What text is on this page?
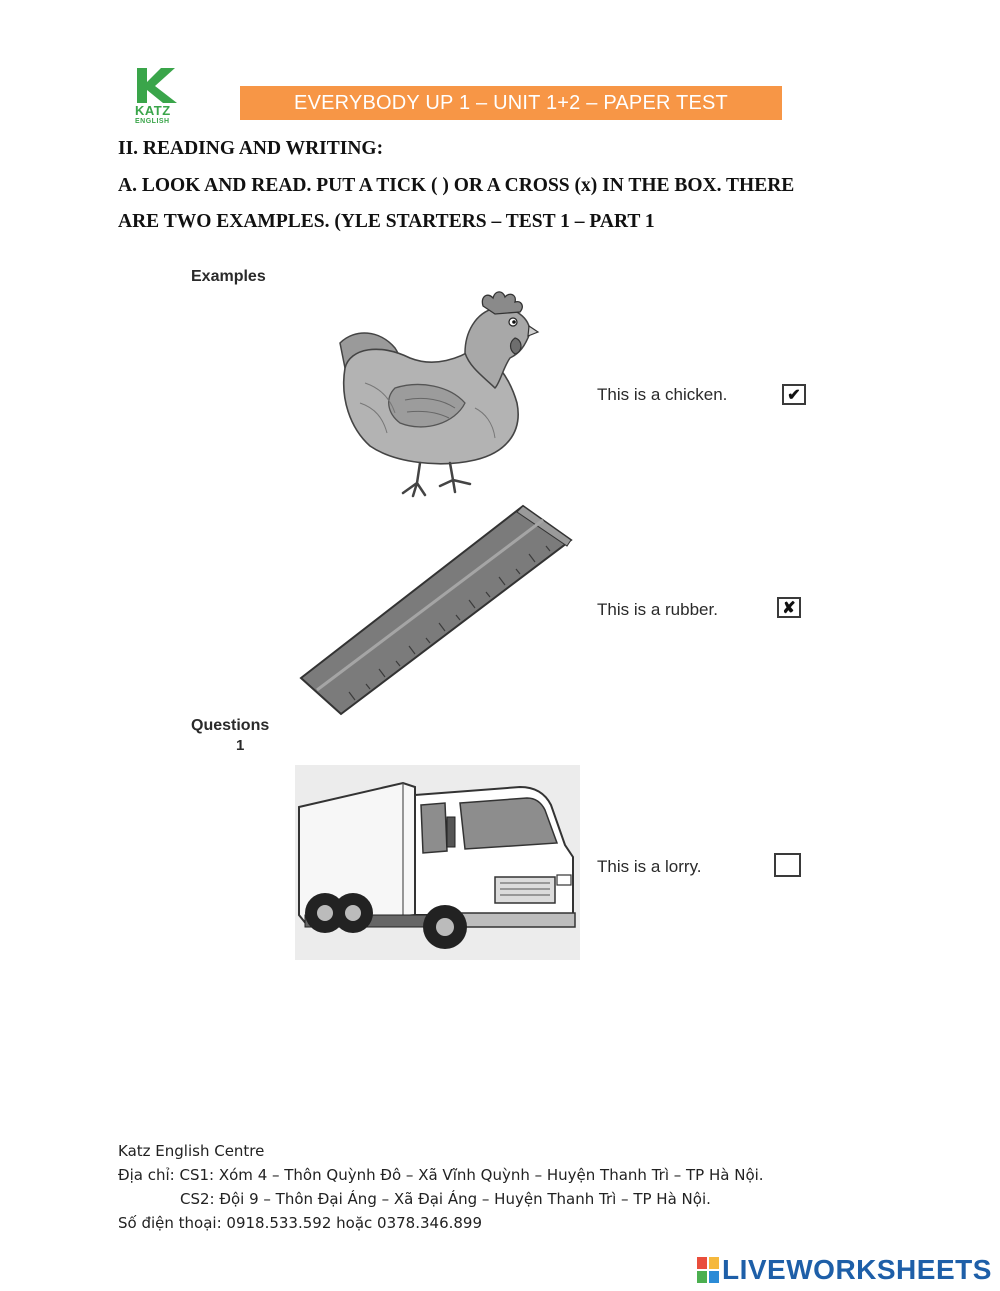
KATZ
ENGLISH
EVERYBODY UP 1 – UNIT 1+2 – PAPER TEST
II. READING AND WRITING:
A. LOOK AND READ. PUT A TICK ( ) OR A CROSS (x) IN THE BOX. THERE
ARE TWO EXAMPLES. (YLE STARTERS – TEST 1 – PART 1
Examples
This is a chicken.	✔
This is a rubber.	✘
Questions
1
This is a lorry.
Katz English Centre
Địa chỉ: CS1: Xóm 4 – Thôn Quỳnh Đô – Xã Vĩnh Quỳnh – Huyện Thanh Trì – TP Hà Nội.
CS2: Đội 9 – Thôn Đại Áng – Xã Đại Áng – Huyện Thanh Trì – TP Hà Nội.
Số điện thoại: 0918.533.592 hoặc 0378.346.899
LIVEWORKSHEETS
